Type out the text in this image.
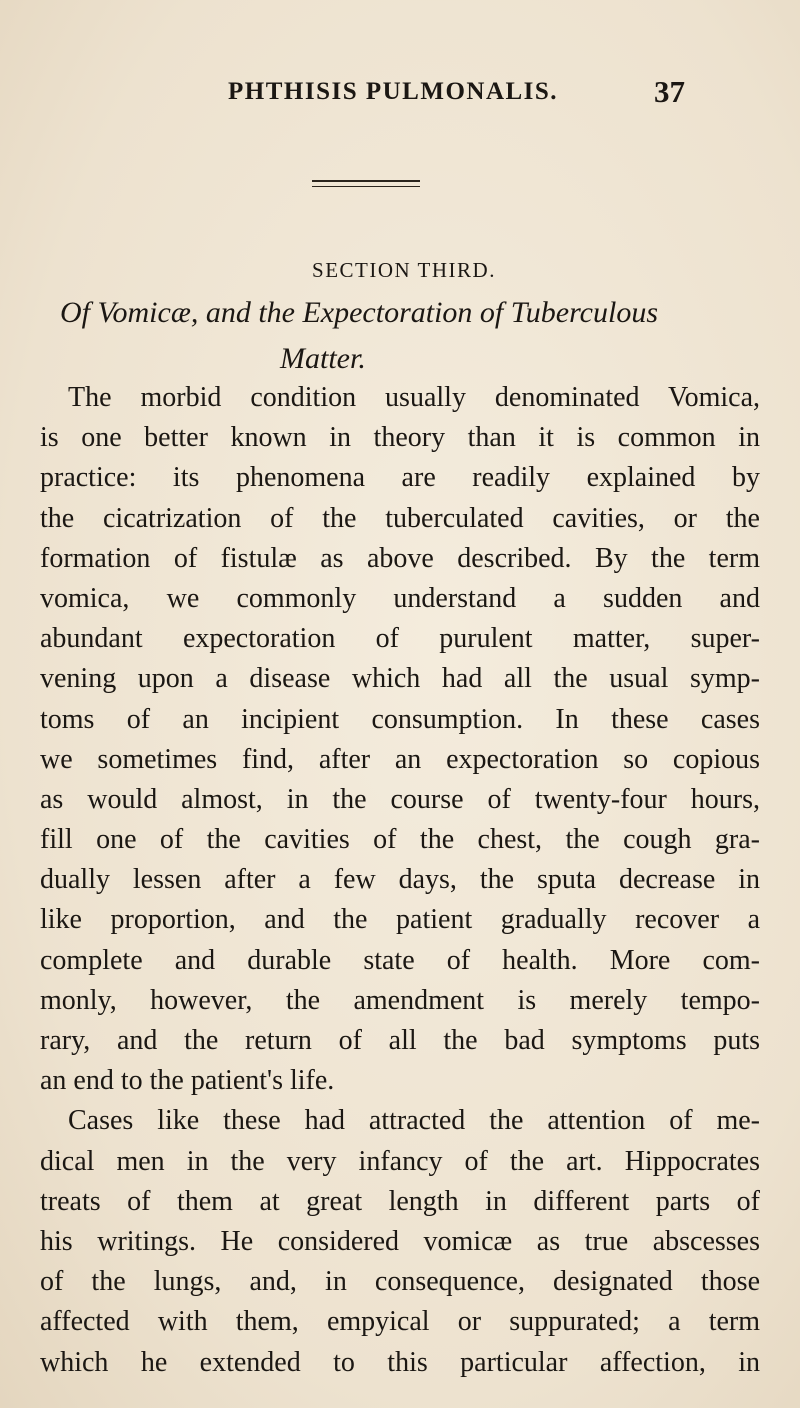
PHTHISIS PULMONALIS.	37
SECTION THIRD.
Of Vomicæ, and the Expectoration of Tuberculous
Matter.
The morbid condition usually denominated Vomica,
is one better known in theory than it is common in
practice: its phenomena are readily explained by
the cicatrization of the tuberculated cavities, or the
formation of fistulæ as above described. By the term
vomica, we commonly understand a sudden and
abundant expectoration of purulent matter, super-
vening upon a disease which had all the usual symp-
toms of an incipient consumption. In these cases
we sometimes find, after an expectoration so copious
as would almost, in the course of twenty-four hours,
fill one of the cavities of the chest, the cough gra-
dually lessen after a few days, the sputa decrease in
like proportion, and the patient gradually recover a
complete and durable state of health. More com-
monly, however, the amendment is merely tempo-
rary, and the return of all the bad symptoms puts
an end to the patient's life.
Cases like these had attracted the attention of me-
dical men in the very infancy of the art. Hippocrates
treats of them at great length in different parts of
his writings. He considered vomicæ as true abscesses
of the lungs, and, in consequence, designated those
affected with them, empyical or suppurated; a term
which he extended to this particular affection, in
